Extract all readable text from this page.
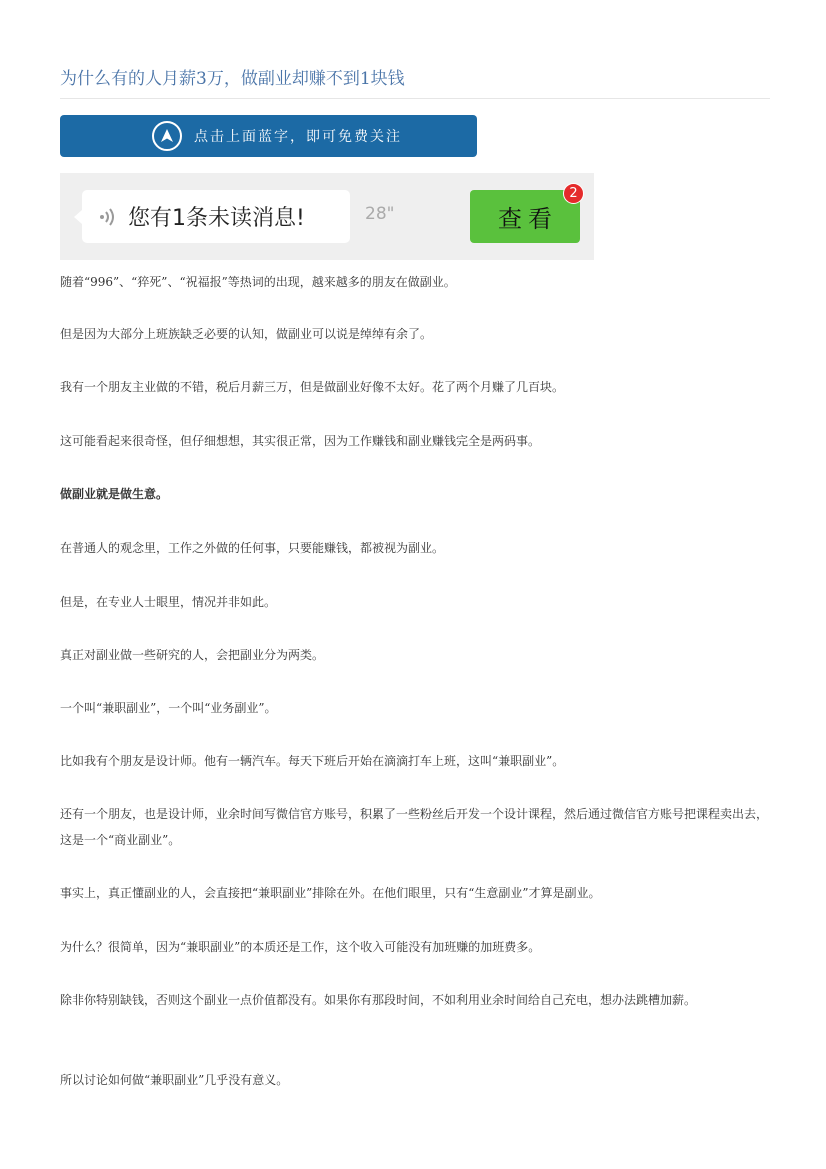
为什么有的人月薪3万，做副业却赚不到1块钱
点击上面蓝字，即可免费关注
您有1条未读消息!	28"	查看
2

随着“996”、“猝死”、“祝福报”等热词的出现，越来越多的朋友在做副业。

但是因为大部分上班族缺乏必要的认知，做副业可以说是绰绰有余了。

我有一个朋友主业做的不错，税后月薪三万，但是做副业好像不太好。花了两个月赚了几百块。

这可能看起来很奇怪，但仔细想想，其实很正常，因为工作赚钱和副业赚钱完全是两码事。

做副业就是做生意。

在普通人的观念里，工作之外做的任何事，只要能赚钱，都被视为副业。

但是，在专业人士眼里，情况并非如此。

真正对副业做一些研究的人，会把副业分为两类。

一个叫“兼职副业”，一个叫“业务副业”。

比如我有个朋友是设计师。他有一辆汽车。每天下班后开始在滴滴打车上班，这叫“兼职副业”。

还有一个朋友，也是设计师，业余时间写微信官方账号，积累了一些粉丝后开发一个设计课程，然后通过微信官方账号把课程卖出去，这是一个“商业副业”。

事实上，真正懂副业的人，会直接把“兼职副业”排除在外。在他们眼里，只有“生意副业”才算是副业。

为什么？很简单，因为“兼职副业”的本质还是工作，这个收入可能没有加班赚的加班费多。

除非你特别缺钱，否则这个副业一点价值都没有。如果你有那段时间，不如利用业余时间给自己充电，想办法跳槽加薪。

所以讨论如何做“兼职副业”几乎没有意义。
